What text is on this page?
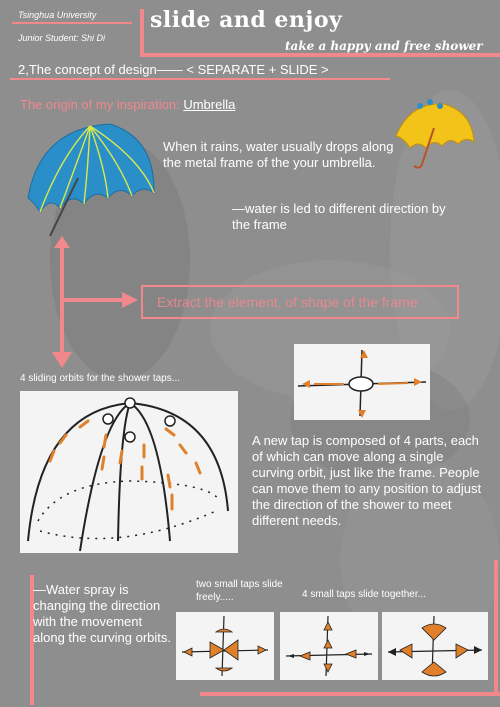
Tsinghua University
Junior Student: Shi Di
slide and enjoy
take a happy and free shower
2,The concept of design—— < SEPARATE + SLIDE >
The origin of my inspiration: Umbrella
When it rains, water usually drops along the metal frame of the your umbrella.
—water is led to different direction by the frame
Extract the element, of shape of the frame
4 sliding orbits for the shower taps...
A new tap is composed of 4 parts, each of which can move along a single curving orbit, just like the frame. People can move them to any position to adjust the direction of the shower to meet different needs.
—Water spray is changing the direction with the movement along the curving orbits.
two small taps slide freely.....	4 small taps slide together...
